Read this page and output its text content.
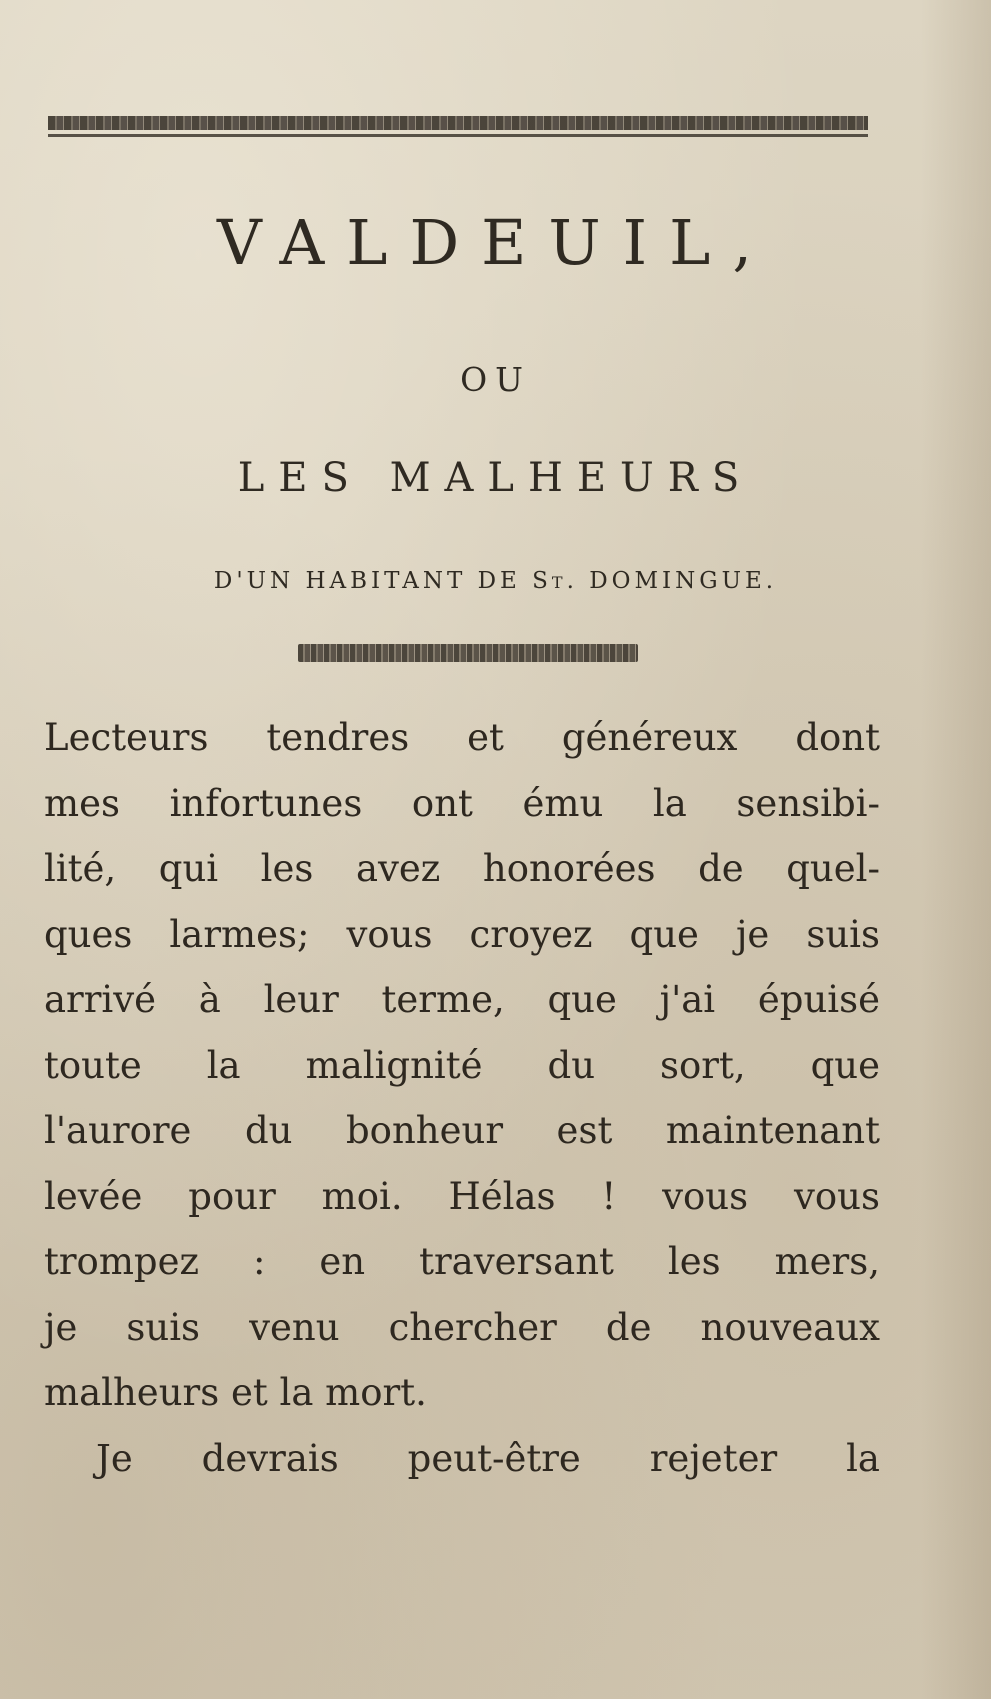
VALDEUIL,
OU
LES MALHEURS
D'UN HABITANT DE St. DOMINGUE.
Lecteurs tendres et généreux dont
mes infortunes ont ému la sensibi-
lité, qui les avez honorées de quel-
ques larmes; vous croyez que je suis
arrivé à leur terme, que j'ai épuisé
toute la malignité du sort, que
l'aurore du bonheur est maintenant
levée pour moi. Hélas ! vous vous
trompez : en traversant les mers,
je suis venu chercher de nouveaux
malheurs et la mort.
Je devrais peut-être rejeter la
